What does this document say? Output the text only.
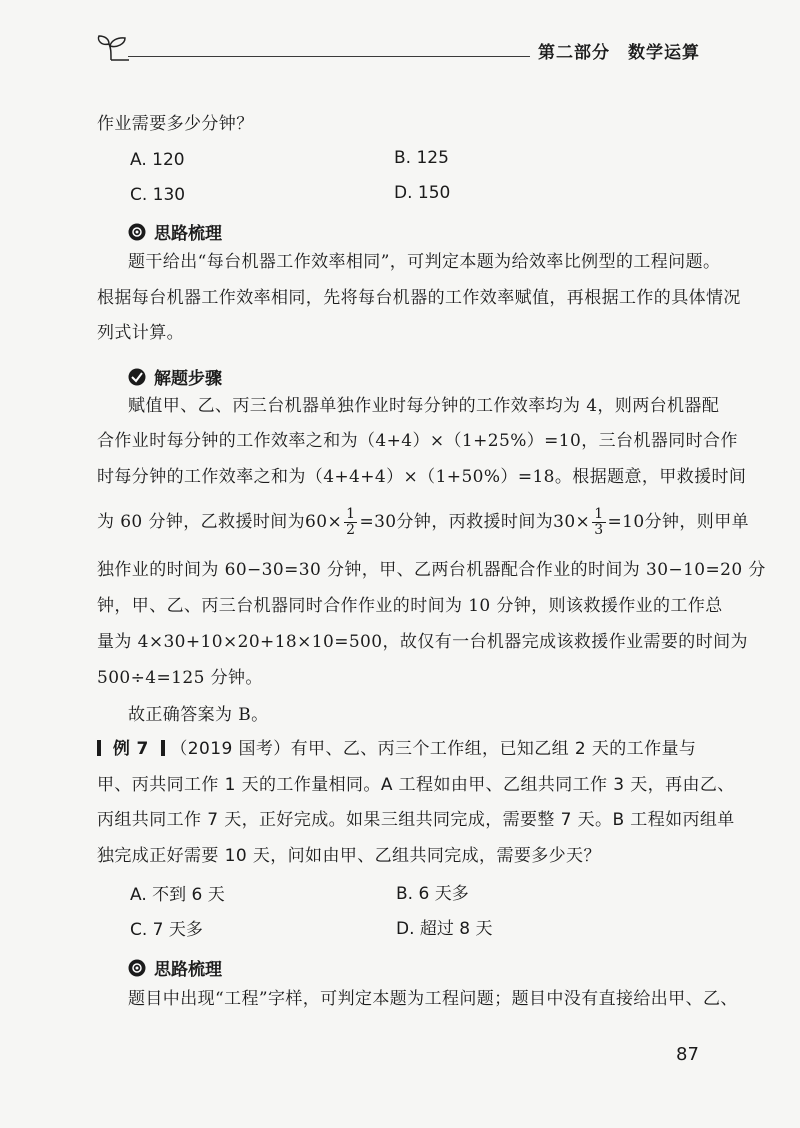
第二部分　数学运算
作业需要多少分钟？
A. 120	B. 125
C. 130	D. 150
思路梳理
题干给出“每台机器工作效率相同”，可判定本题为给效率比例型的工程问题。
根据每台机器工作效率相同，先将每台机器的工作效率赋值，再根据工作的具体情况
列式计算。
解题步骤
赋值甲、乙、丙三台机器单独作业时每分钟的工作效率均为 4，则两台机器配
合作业时每分钟的工作效率之和为（4+4）×（1+25%）=10，三台机器同时合作
时每分钟的工作效率之和为（4+4+4）×（1+50%）=18。根据题意，甲救援时间
为 60 分钟，乙救援时间为$60\times \frac{1}{2} =30$分钟，丙救援时间为$30\times \frac{1}{3} =10$分钟，则甲单
独作业的时间为 60−30=30 分钟，甲、乙两台机器配合作业的时间为 30−10=20 分
钟，甲、乙、丙三台机器同时合作作业的时间为 10 分钟，则该救援作业的工作总
量为 4×30+10×20+18×10=500，故仅有一台机器完成该救援作业需要的时间为
500÷4=125 分钟。
故正确答案为 B。
例 7 （2019 国考）有甲、乙、丙三个工作组，已知乙组 2 天的工作量与
甲、丙共同工作 1 天的工作量相同。A 工程如由甲、乙组共同工作 3 天，再由乙、
丙组共同工作 7 天，正好完成。如果三组共同完成，需要整 7 天。B 工程如丙组单
独完成正好需要 10 天，问如由甲、乙组共同完成，需要多少天？
A. 不到 6 天	B. 6 天多
C. 7 天多	D. 超过 8 天
思路梳理
题目中出现“工程”字样，可判定本题为工程问题；题目中没有直接给出甲、乙、
87
